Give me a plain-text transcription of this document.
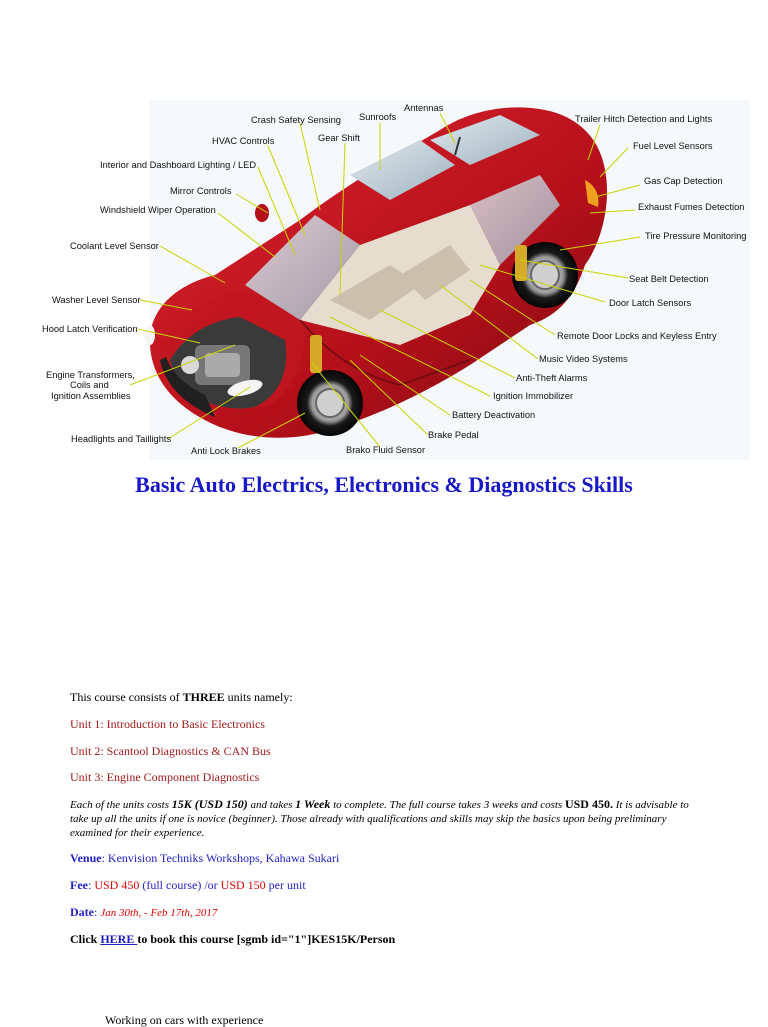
Crash Safety Sensing Sunroofs
Antennas
Trailer Hitch Detection and Lights
HVAC Controls	Gear Shift
Fuel Level Sensors
Interior and Dashboard Lighting / LED
Gas Cap Detection
Mirror Controls
Exhaust Fumes Detection
Windshield Wiper Operation
Tire Pressure Monitoring
Coolant Level Sensor
Seat Belt Detection
Washer Level Sensor	Door Latch Sensors
Hood Latch Verification
Remote Door Locks and Keyless Entry
Music Video Systems
Engine Transformers,
Coils and
Ignition Assemblies
Anti-Theft Alarms
Ignition Immobilizer
Battery Deactivation
Brake Pedal
Headlights and Taillights
Brako Fluid Sensor
Anti Lock Brakes
Basic Auto Electrics, Electronics & Diagnostics Skills
This course consists of THREE units namely:
Unit 1: Introduction to Basic Electronics
Unit 2: Scantool Diagnostics & CAN Bus
Unit 3: Engine Component Diagnostics
Each of the units costs 15K (USD 150) and takes 1 Week to complete. The full course takes 3 weeks and costs USD 450. It is advisable to take up all the units if one is novice (beginner). Those already with qualifications and skills may skip the basics upon being preliminary examined for their experience.
Venue: Kenvision Techniks Workshops, Kahawa Sukari
Fee: USD 450 (full course) /or USD 150 per unit
Date: Jan 30th, - Feb 17th, 2017
Click HERE to book this course [sgmb id="1"]KES15K/Person
Working on cars with experience
